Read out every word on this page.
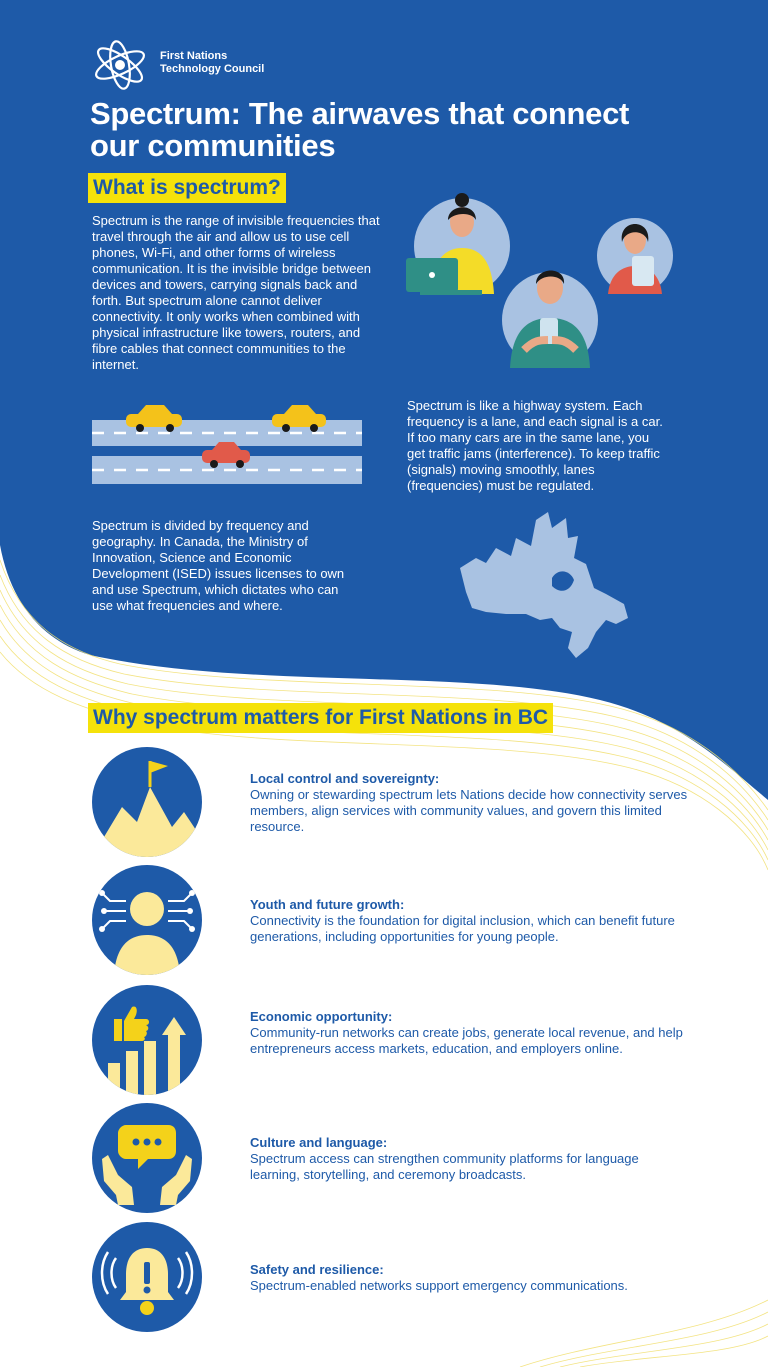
First Nations Technology Council
Spectrum: The airwaves that connect our communities
What is spectrum?

Spectrum is the range of invisible frequencies that travel through the air and allow us to use cell phones, Wi-Fi, and other forms of wireless communication. It is the invisible bridge between devices and towers, carrying signals back and forth. But spectrum alone cannot deliver connectivity. It only works when combined with physical infrastructure like towers, routers, and fibre cables that connect communities to the internet.

Spectrum is like a highway system. Each frequency is a lane, and each signal is a car. If too many cars are in the same lane, you get traffic jams (interference). To keep traffic (signals) moving smoothly, lanes (frequencies) must be regulated.

Spectrum is divided by frequency and geography. In Canada, the Ministry of Innovation, Science and Economic Development (ISED) issues licenses to own and use Spectrum, which dictates who can use what frequencies and where.

Why spectrum matters for First Nations in BC
Local control and sovereignty:
Owning or stewarding spectrum lets Nations decide how connectivity serves members, align services with community values, and govern this limited resource.
Youth and future growth:
Connectivity is the foundation for digital inclusion, which can benefit future generations, including opportunities for young people.
Economic opportunity:
Community-run networks can create jobs, generate local revenue, and help entrepreneurs access markets, education, and employers online.
Culture and language:
Spectrum access can strengthen community platforms for language learning, storytelling, and ceremony broadcasts.
Safety and resilience:
Spectrum-enabled networks support emergency communications.
